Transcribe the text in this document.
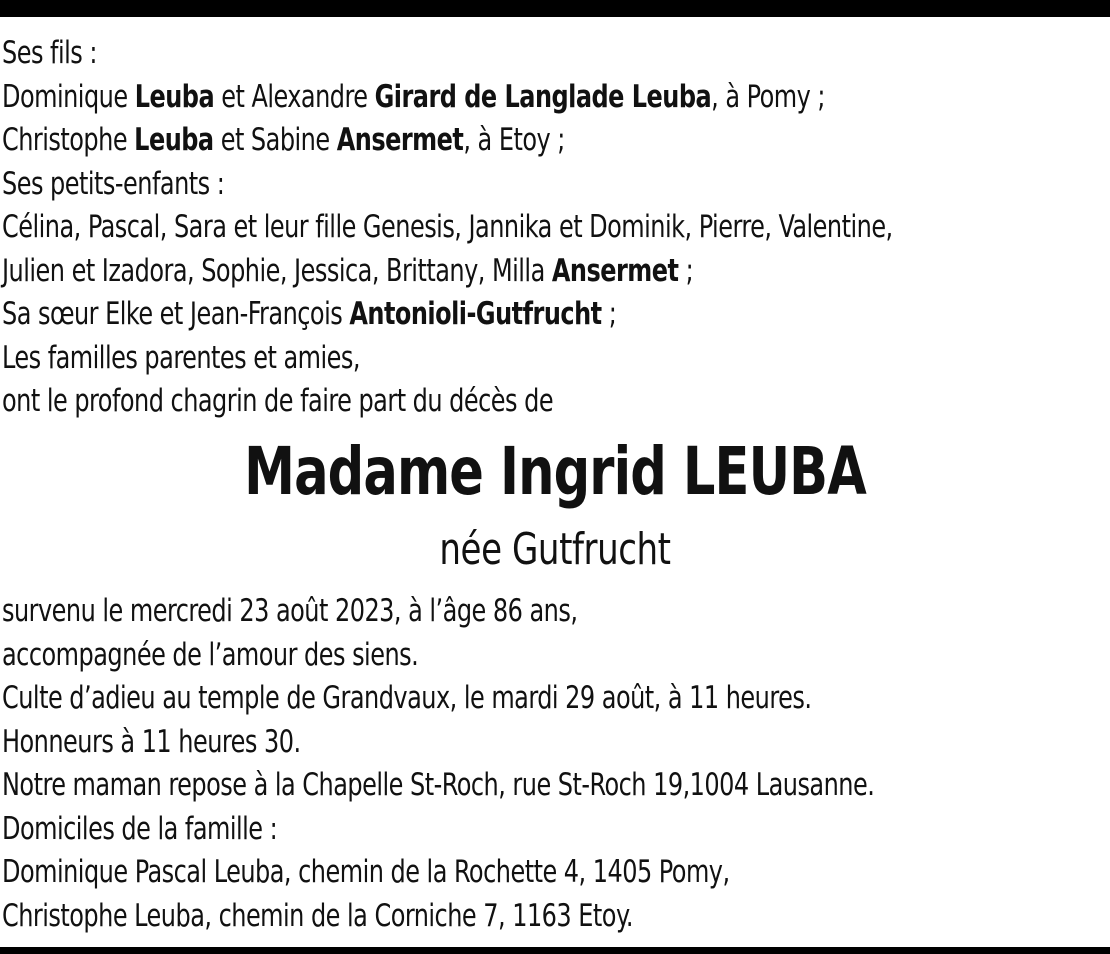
Ses fils :
Dominique Leuba et Alexandre Girard de Langlade Leuba, à Pomy ;
Christophe Leuba et Sabine Ansermet, à Etoy ;
Ses petits-enfants :
Célina, Pascal, Sara et leur fille Genesis, Jannika et Dominik, Pierre, Valentine,
Julien et Izadora, Sophie, Jessica, Brittany, Milla Ansermet ;
Sa sœur Elke et Jean-François Antonioli-Gutfrucht ;
Les familles parentes et amies,
ont le profond chagrin de faire part du décès de
Madame Ingrid LEUBA
née Gutfrucht
survenu le mercredi 23 août 2023, à l’âge 86 ans,
accompagnée de l’amour des siens.
Culte d’adieu au temple de Grandvaux, le mardi 29 août, à 11 heures.
Honneurs à 11 heures 30.
Notre maman repose à la Chapelle St-Roch, rue St-Roch 19,1004 Lausanne.
Domiciles de la famille :
Dominique Pascal Leuba, chemin de la Rochette 4, 1405 Pomy,
Christophe Leuba, chemin de la Corniche 7, 1163 Etoy.
